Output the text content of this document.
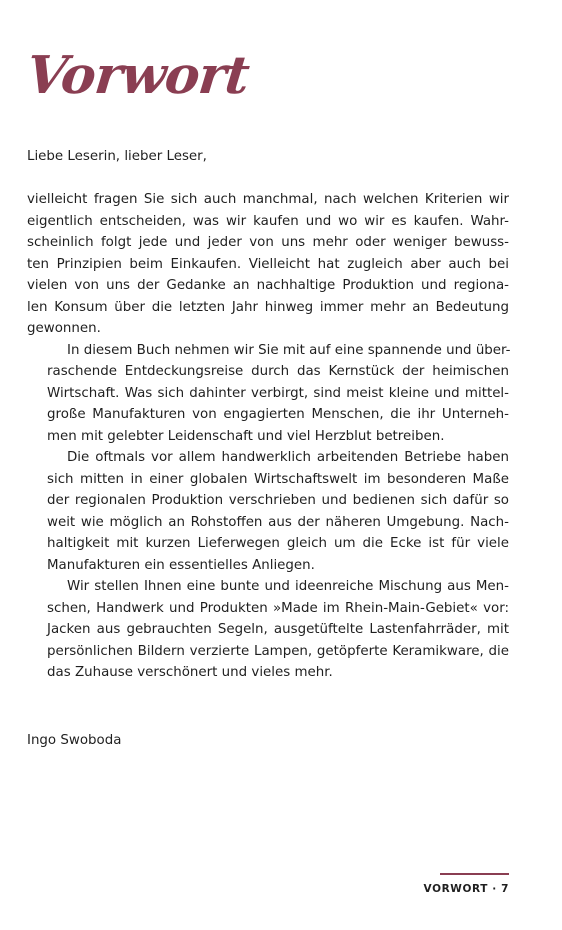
Vorwort
Liebe Leserin, lieber Leser,

vielleicht fragen Sie sich auch manchmal, nach welchen Kriterien wir
eigentlich entscheiden, was wir kaufen und wo wir es kaufen. Wahr-
scheinlich folgt jede und jeder von uns mehr oder weniger bewuss-
ten Prinzipien beim Einkaufen. Vielleicht hat zugleich aber auch bei
vielen von uns der Gedanke an nachhaltige Produktion und regiona-
len Konsum über die letzten Jahr hinweg immer mehr an Bedeutung
gewonnen.

In diesem Buch nehmen wir Sie mit auf eine spannende und über-
raschende Entdeckungsreise durch das Kernstück der heimischen
Wirtschaft. Was sich dahinter verbirgt, sind meist kleine und mittel-
große Manufakturen von engagierten Menschen, die ihr Unterneh-
men mit gelebter Leidenschaft und viel Herzblut betreiben.

Die oftmals vor allem handwerklich arbeitenden Betriebe haben
sich mitten in einer globalen Wirtschaftswelt im besonderen Maße
der regionalen Produktion verschrieben und bedienen sich dafür so
weit wie möglich an Rohstoffen aus der näheren Umgebung. Nach-
haltigkeit mit kurzen Lieferwegen gleich um die Ecke ist für viele
Manufakturen ein essentielles Anliegen.

Wir stellen Ihnen eine bunte und ideenreiche Mischung aus Men-
schen, Handwerk und Produkten »Made im Rhein-Main-Gebiet« vor:
Jacken aus gebrauchten Segeln, ausgetüftelte Lastenfahrräder, mit
persönlichen Bildern verzierte Lampen, getöpferte Keramikware, die
das Zuhause verschönert und vieles mehr.

Ingo Swoboda
VORWORT · 7
